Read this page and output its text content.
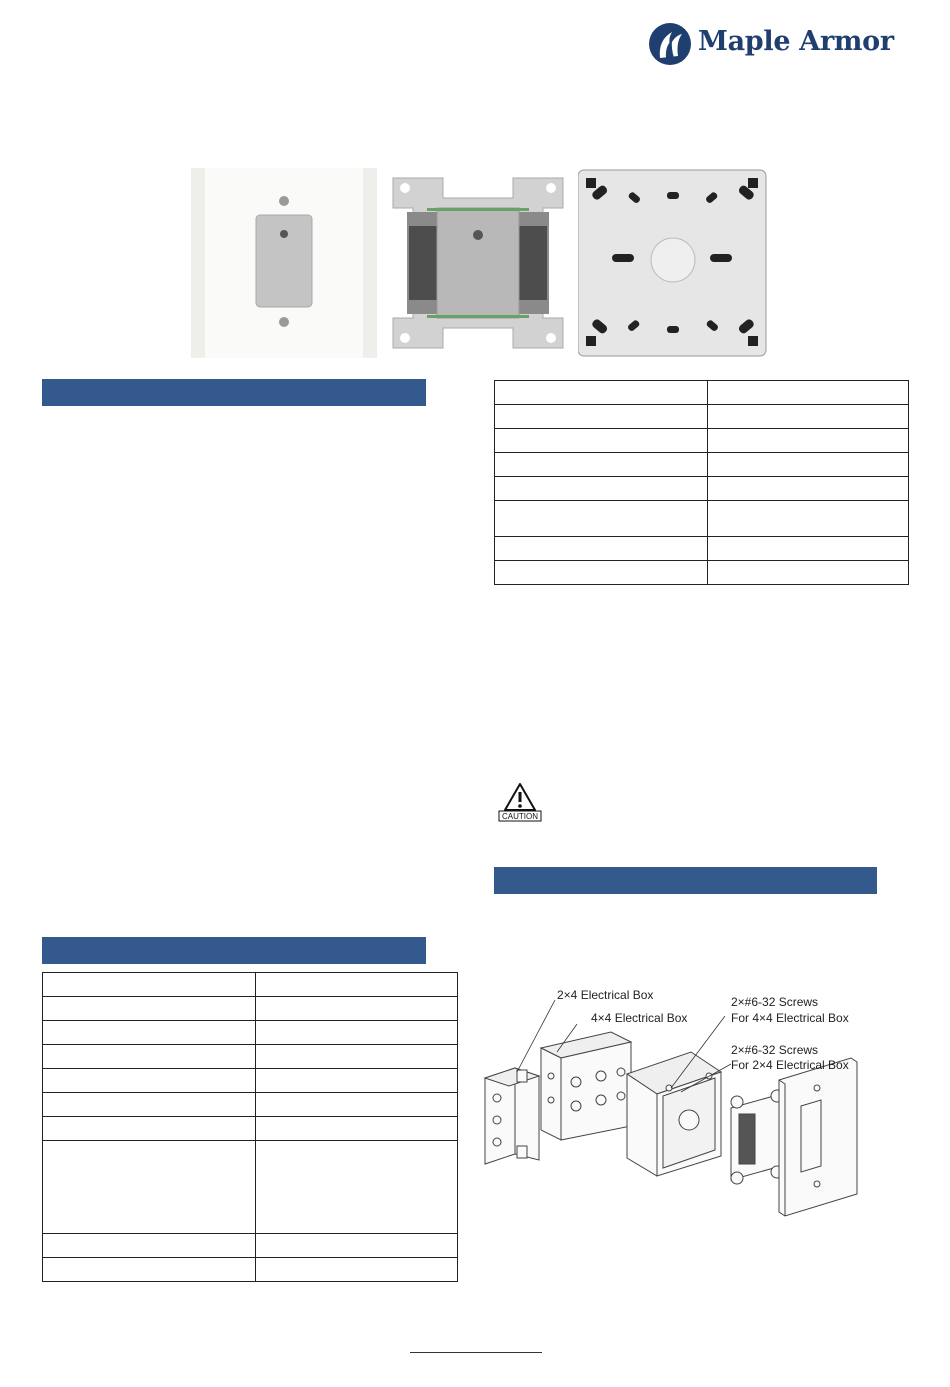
Maple Armor

CAUTION
2×4 Electrical Box
4×4 Electrical Box
2×#6-32 Screws
For 4×4 Electrical Box
2×#6-32 Screws
For 2×4 Electrical Box
